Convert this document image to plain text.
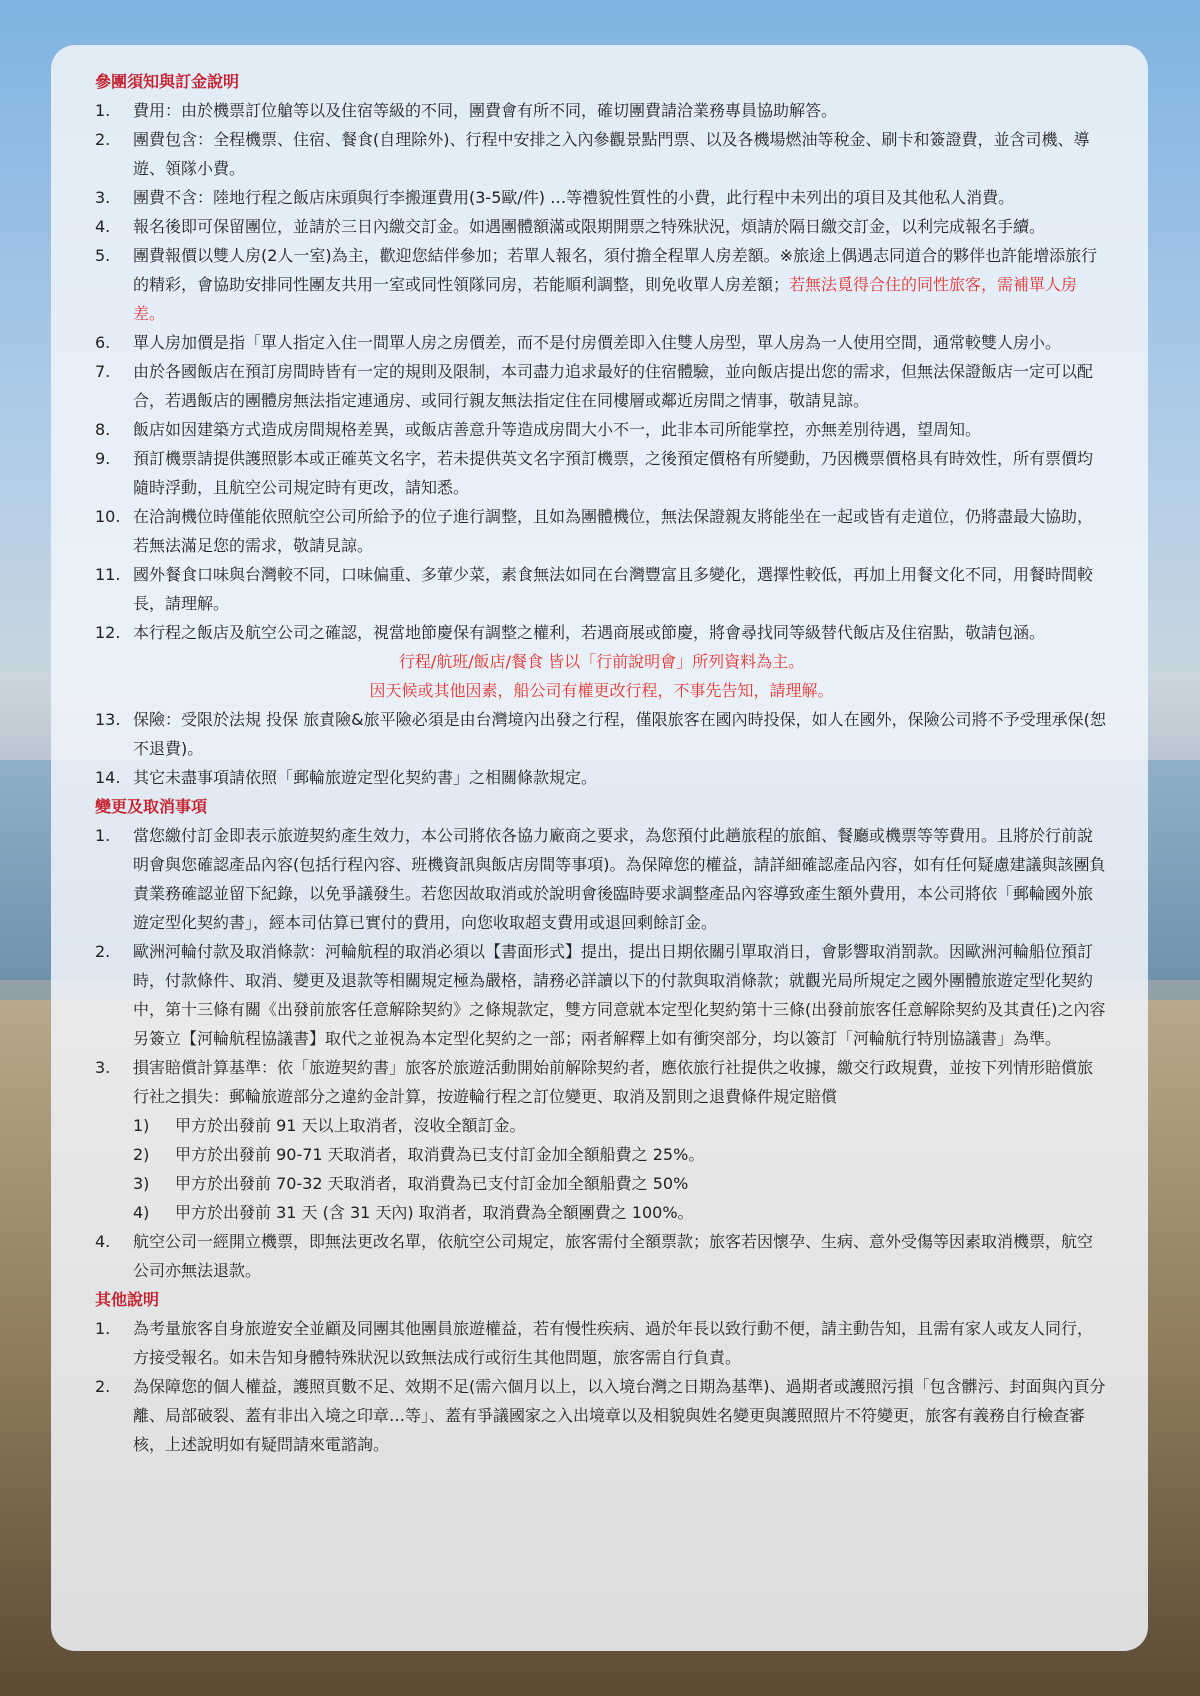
參團須知與訂金說明
1.	費用：由於機票訂位艙等以及住宿等級的不同，團費會有所不同，確切團費請洽業務專員協助解答。
2.	團費包含：全程機票、住宿、餐食(自理除外)、行程中安排之入內參觀景點門票、以及各機場燃油等稅金、刷卡和簽證費，並含司機、導遊、領隊小費。
3.	團費不含：陸地行程之飯店床頭與行李搬運費用(3-5歐/件) …等禮貌性質性的小費，此行程中未列出的項目及其他私人消費。
4.	報名後即可保留團位，並請於三日內繳交訂金。如遇團體額滿或限期開票之特殊狀況，煩請於隔日繳交訂金，以利完成報名手續。
5.	團費報價以雙人房(2人一室)為主，歡迎您結伴參加；若單人報名，須付擔全程單人房差額。※旅途上偶遇志同道合的夥伴也許能增添旅行的精彩，會協助安排同性團友共用一室或同性領隊同房，若能順利調整，則免收單人房差額；若無法覓得合住的同性旅客，需補單人房差。
6.	單人房加價是指「單人指定入住一間單人房之房價差，而不是付房價差即入住雙人房型，單人房為一人使用空間，通常較雙人房小。
7.	由於各國飯店在預訂房間時皆有一定的規則及限制，本司盡力追求最好的住宿體驗，並向飯店提出您的需求，但無法保證飯店一定可以配合，若遇飯店的團體房無法指定連通房、或同行親友無法指定住在同樓層或鄰近房間之情事，敬請見諒。
8.	飯店如因建築方式造成房間規格差異，或飯店善意升等造成房間大小不一，此非本司所能掌控，亦無差別待遇，望周知。
9.	預訂機票請提供護照影本或正確英文名字，若未提供英文名字預訂機票，之後預定價格有所變動，乃因機票價格具有時效性，所有票價均隨時浮動，且航空公司規定時有更改，請知悉。
10. 在洽詢機位時僅能依照航空公司所給予的位子進行調整，且如為團體機位，無法保證親友將能坐在一起或皆有走道位，仍將盡最大協助，若無法滿足您的需求，敬請見諒。
11. 國外餐食口味與台灣較不同，口味偏重、多葷少菜，素食無法如同在台灣豐富且多變化，選擇性較低，再加上用餐文化不同，用餐時間較長，請理解。
12. 本行程之飯店及航空公司之確認，視當地節慶保有調整之權利，若遇商展或節慶，將會尋找同等級替代飯店及住宿點，敬請包涵。
行程/航班/飯店/餐食 皆以「行前說明會」所列資料為主。
因天候或其他因素，船公司有權更改行程，不事先告知，請理解。
13. 保險：受限於法規 投保 旅責險&旅平險必須是由台灣境內出發之行程，僅限旅客在國內時投保，如人在國外，保險公司將不予受理承保(恕不退費)。
14. 其它未盡事項請依照「郵輪旅遊定型化契約書」之相關條款規定。
變更及取消事項
1.	當您繳付訂金即表示旅遊契約產生效力，本公司將依各協力廠商之要求，為您預付此趟旅程的旅館、餐廳或機票等等費用。且將於行前說明會與您確認產品內容(包括行程內容、班機資訊與飯店房間等事項)。為保障您的權益，請詳細確認產品內容，如有任何疑慮建議與該團負責業務確認並留下紀錄，以免爭議發生。若您因故取消或於說明會後臨時要求調整產品內容導致產生額外費用，本公司將依「郵輪國外旅遊定型化契約書」，經本司估算已實付的費用，向您收取超支費用或退回剩餘訂金。
2.	歐洲河輪付款及取消條款：河輪航程的取消必須以【書面形式】提出，提出日期依關引單取消日，會影響取消罰款。因歐洲河輪船位預訂時，付款條件、取消、變更及退款等相關規定極為嚴格，請務必詳讀以下的付款與取消條款；就觀光局所規定之國外團體旅遊定型化契約中，第十三條有關《出發前旅客任意解除契約》之條規款定，雙方同意就本定型化契約第十三條(出發前旅客任意解除契約及其責任)之內容另簽立【河輪航程協議書】取代之並視為本定型化契約之一部；兩者解釋上如有衝突部分，均以簽訂「河輪航行特別協議書」為準。
3.	損害賠償計算基準：依「旅遊契約書」旅客於旅遊活動開始前解除契約者，應依旅行社提供之收據，繳交行政規費，並按下列情形賠償旅行社之損失：郵輪旅遊部分之違約金計算，按遊輪行程之訂位變更、取消及罰則之退費條件規定賠償
1) 甲方於出發前 91 天以上取消者，沒收全額訂金。
2) 甲方於出發前 90-71 天取消者，取消費為已支付訂金加全額船費之 25%。
3) 甲方於出發前 70-32 天取消者，取消費為已支付訂金加全額船費之 50%
4) 甲方於出發前 31 天 (含 31 天內) 取消者，取消費為全額團費之 100%。
4.	航空公司一經開立機票，即無法更改名單，依航空公司規定，旅客需付全額票款；旅客若因懷孕、生病、意外受傷等因素取消機票，航空公司亦無法退款。
其他說明
1.	為考量旅客自身旅遊安全並顧及同團其他團員旅遊權益，若有慢性疾病、過於年長以致行動不便，請主動告知，且需有家人或友人同行，方接受報名。如未告知身體特殊狀況以致無法成行或衍生其他問題，旅客需自行負責。
2.	為保障您的個人權益，護照頁數不足、效期不足(需六個月以上，以入境台灣之日期為基準)、過期者或護照污損「包含髒污、封面與內頁分離、局部破裂、蓋有非出入境之印章…等」、蓋有爭議國家之入出境章以及相貌與姓名變更與護照照片不符變更，旅客有義務自行檢查審核，上述說明如有疑問請來電諮詢。
